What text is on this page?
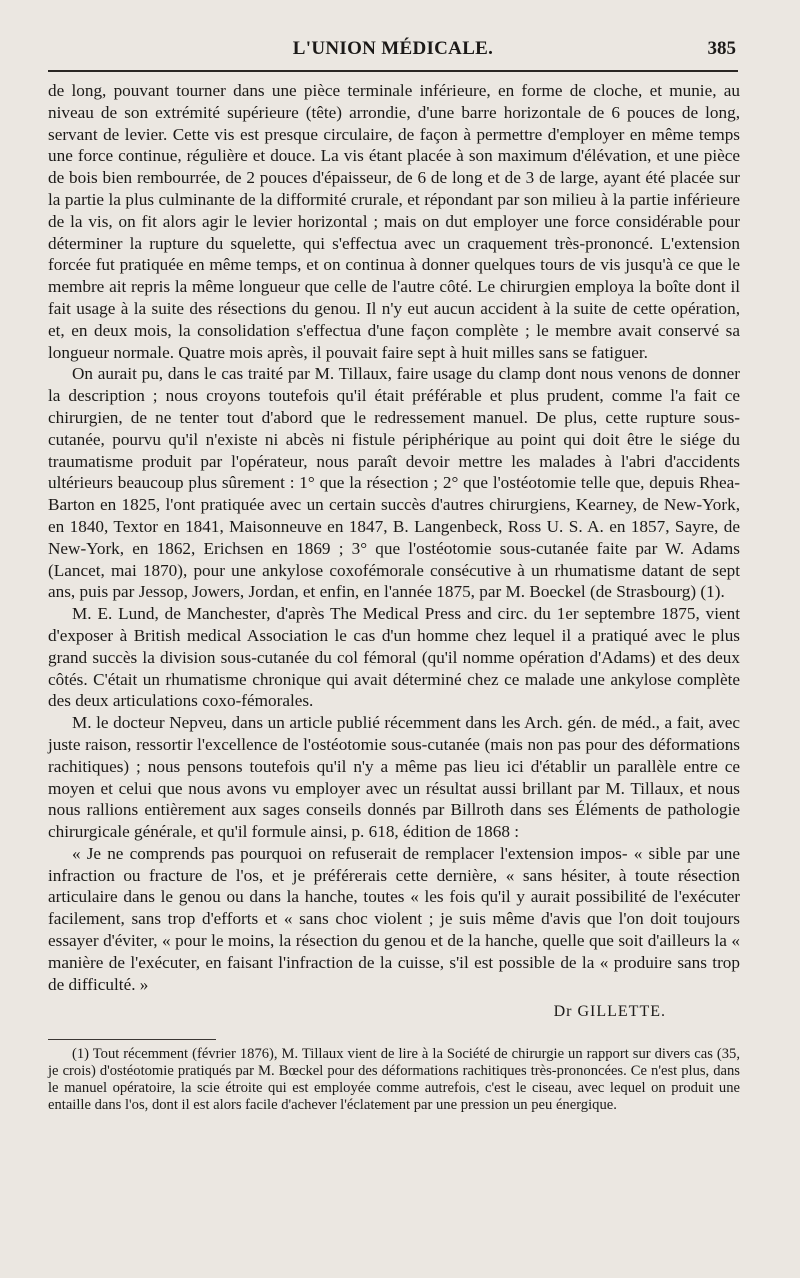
L'UNION MÉDICALE.	385

de long, pouvant tourner dans une pièce terminale inférieure, en forme de cloche, et munie, au niveau de son extrémité supérieure (tête) arrondie, d'une barre horizontale de 6 pouces de long, servant de levier. Cette vis est presque circulaire, de façon à permettre d'employer en même temps une force continue, régulière et douce. La vis étant placée à son maximum d'élévation, et une pièce de bois bien rembourrée, de 2 pouces d'épaisseur, de 6 de long et de 3 de large, ayant été placée sur la partie la plus culminante de la difformité crurale, et répondant par son milieu à la partie inférieure de la vis, on fit alors agir le levier horizontal ; mais on dut employer une force considérable pour déterminer la rupture du squelette, qui s'effectua avec un craquement très-prononcé. L'extension forcée fut pratiquée en même temps, et on continua à donner quelques tours de vis jusqu'à ce que le membre ait repris la même longueur que celle de l'autre côté. Le chirurgien employa la boîte dont il fait usage à la suite des résections du genou. Il n'y eut aucun accident à la suite de cette opération, et, en deux mois, la consolidation s'effectua d'une façon complète ; le membre avait conservé sa longueur normale. Quatre mois après, il pouvait faire sept à huit milles sans se fatiguer.

On aurait pu, dans le cas traité par M. Tillaux, faire usage du clamp dont nous venons de donner la description ; nous croyons toutefois qu'il était préférable et plus prudent, comme l'a fait ce chirurgien, de ne tenter tout d'abord que le redressement manuel. De plus, cette rupture sous-cutanée, pourvu qu'il n'existe ni abcès ni fistule périphérique au point qui doit être le siége du traumatisme produit par l'opérateur, nous paraît devoir mettre les malades à l'abri d'accidents ultérieurs beaucoup plus sûrement : 1° que la résection ; 2° que l'ostéotomie telle que, depuis Rhea-Barton en 1825, l'ont pratiquée avec un certain succès d'autres chirurgiens, Kearney, de New-York, en 1840, Textor en 1841, Maisonneuve en 1847, B. Langenbeck, Ross U. S. A. en 1857, Sayre, de New-York, en 1862, Erichsen en 1869 ; 3° que l'ostéotomie sous-cutanée faite par W. Adams (Lancet, mai 1870), pour une ankylose coxofémorale consécutive à un rhumatisme datant de sept ans, puis par Jessop, Jowers, Jordan, et enfin, en l'année 1875, par M. Boeckel (de Strasbourg) (1).

M. E. Lund, de Manchester, d'après The Medical Press and circ. du 1er septembre 1875, vient d'exposer à British medical Association le cas d'un homme chez lequel il a pratiqué avec le plus grand succès la division sous-cutanée du col fémoral (qu'il nomme opération d'Adams) et des deux côtés. C'était un rhumatisme chronique qui avait déterminé chez ce malade une ankylose complète des deux articulations coxo-fémorales.

M. le docteur Nepveu, dans un article publié récemment dans les Arch. gén. de méd., a fait, avec juste raison, ressortir l'excellence de l'ostéotomie sous-cutanée (mais non pas pour des déformations rachitiques) ; nous pensons toutefois qu'il n'y a même pas lieu ici d'établir un parallèle entre ce moyen et celui que nous avons vu employer avec un résultat aussi brillant par M. Tillaux, et nous nous rallions entièrement aux sages conseils donnés par Billroth dans ses Éléments de pathologie chirurgicale générale, et qu'il formule ainsi, p. 618, édition de 1868 :

« Je ne comprends pas pourquoi on refuserait de remplacer l'extension impos- « sible par une infraction ou fracture de l'os, et je préférerais cette dernière, « sans hésiter, à toute résection articulaire dans le genou ou dans la hanche, toutes « les fois qu'il y aurait possibilité de l'exécuter facilement, sans trop d'efforts et « sans choc violent ; je suis même d'avis que l'on doit toujours essayer d'éviter, « pour le moins, la résection du genou et de la hanche, quelle que soit d'ailleurs la « manière de l'exécuter, en faisant l'infraction de la cuisse, s'il est possible de la « produire sans trop de difficulté. »

Dr GILLETTE.

(1) Tout récemment (février 1876), M. Tillaux vient de lire à la Société de chirurgie un rapport sur divers cas (35, je crois) d'ostéotomie pratiqués par M. Bœckel pour des déformations rachitiques très-prononcées. Ce n'est plus, dans le manuel opératoire, la scie étroite qui est employée comme autrefois, c'est le ciseau, avec lequel on produit une entaille dans l'os, dont il est alors facile d'achever l'éclatement par une pression un peu énergique.
